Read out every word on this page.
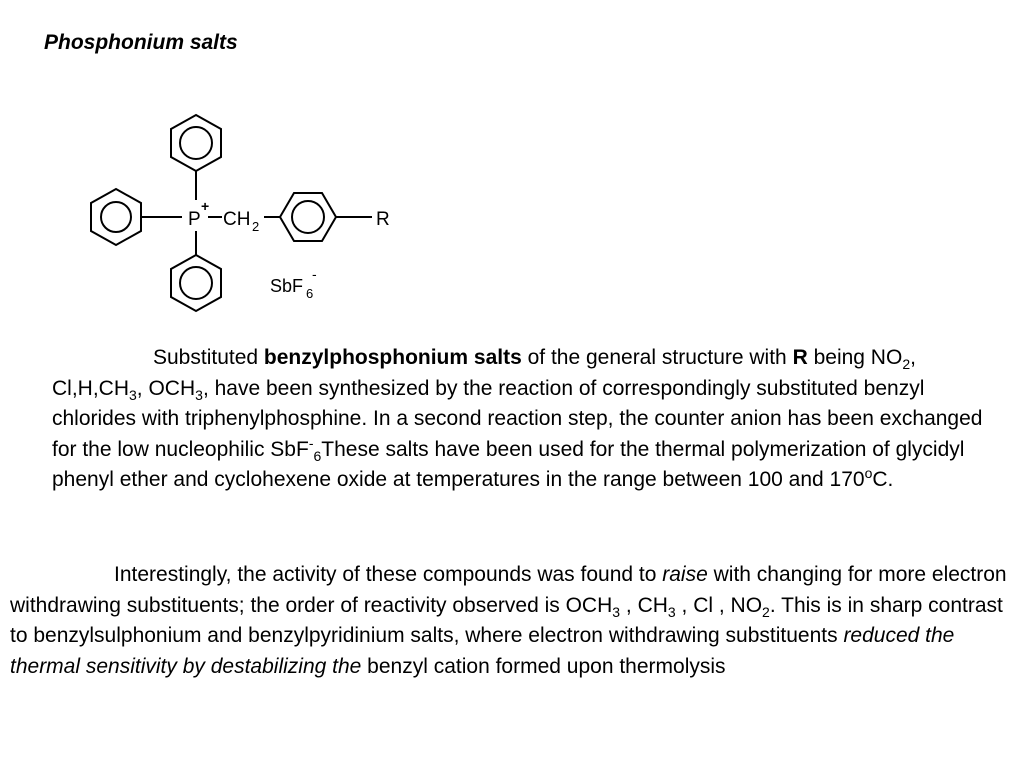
Phosphonium salts
P
+
CH 2	R
SbF 6
-

Substituted benzylphosphonium salts of the general structure with R being $NO_2$, $Cl,H,CH_3$, $OCH_3$, have been synthesized by the reaction of correspondingly substituted benzyl chlorides with triphenylphosphine. In a second reaction step, the counter anion has been exchanged for the low nucleophilic SbF-$_6$These salts have been used for the thermal polymerization of glycidyl phenyl ether and cyclohexene oxide at temperatures in the range between 100 and 170$^o$C.

Interestingly, the activity of these compounds was found to raise with changing for more electron withdrawing substituents; the order of reactivity observed is $OCH_3$ , $CH_3$ , Cl , $NO_2$. This is in sharp contrast to benzylsulphonium and benzylpyridinium salts, where electron withdrawing substituents reduced the thermal sensitivity by destabilizing the benzyl cation formed upon thermolysis
